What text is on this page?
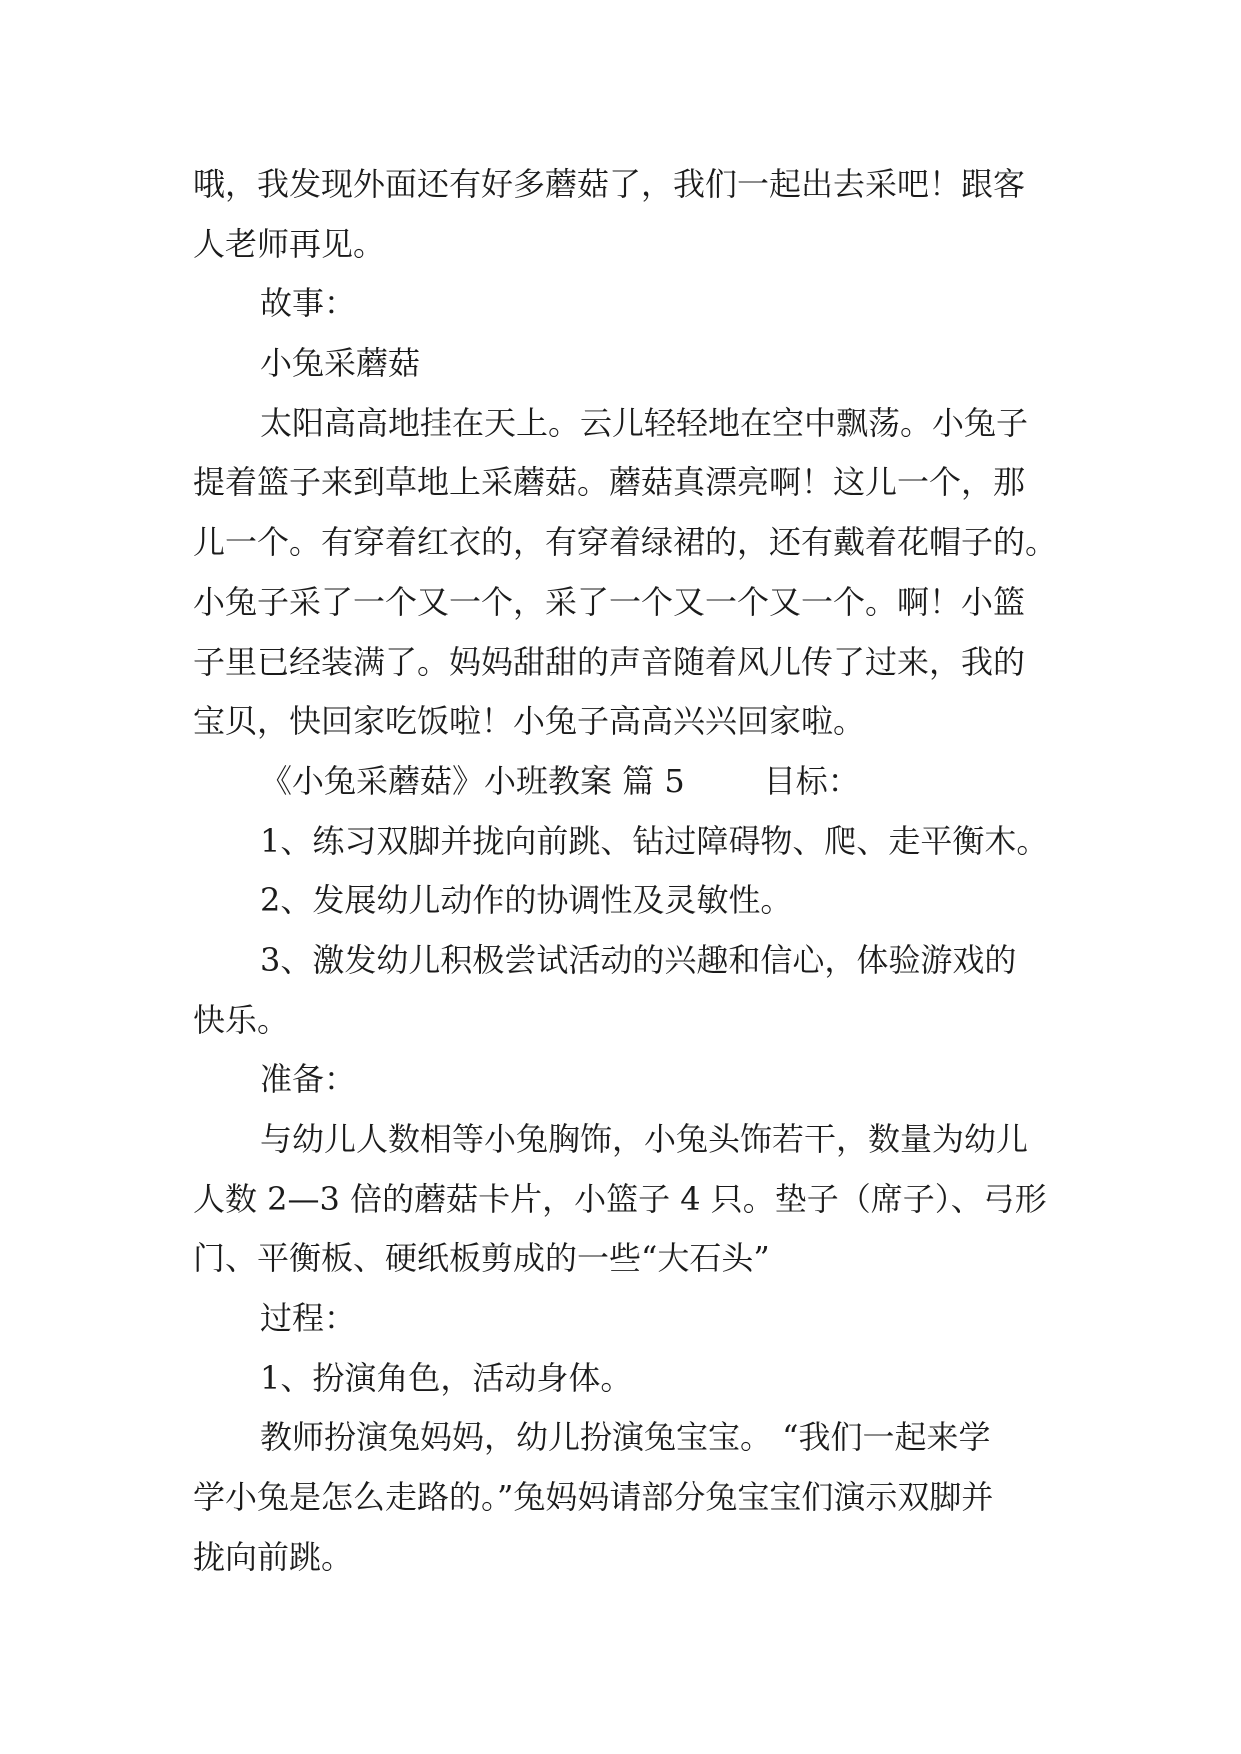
哦，我发现外面还有好多蘑菇了，我们一起出去采吧！跟客
人老师再见。
故事：
小兔采蘑菇
太阳高高地挂在天上。云儿轻轻地在空中飘荡。小兔子
提着篮子来到草地上采蘑菇。蘑菇真漂亮啊！这儿一个，那
儿一个。有穿着红衣的，有穿着绿裙的，还有戴着花帽子的。
小兔子采了一个又一个，采了一个又一个又一个。啊！小篮
子里已经装满了。妈妈甜甜的声音随着风儿传了过来，我的
宝贝，快回家吃饭啦！小兔子高高兴兴回家啦。
《小兔采蘑菇》小班教案 篇 5 目标：
1、练习双脚并拢向前跳、钻过障碍物、爬、走平衡木。
2、发展幼儿动作的协调性及灵敏性。
3、激发幼儿积极尝试活动的兴趣和信心，体验游戏的
快乐。
准备：
与幼儿人数相等小兔胸饰，小兔头饰若干，数量为幼儿
人数 2—3 倍的蘑菇卡片，小篮子 4 只。垫子（席子）、弓形
门、平衡板、硬纸板剪成的一些“大石头”
过程：
1、扮演角色，活动身体。
教师扮演兔妈妈，幼儿扮演兔宝宝。 “我们一起来学
学小兔是怎么走路的。”兔妈妈请部分兔宝宝们演示双脚并
拢向前跳。
